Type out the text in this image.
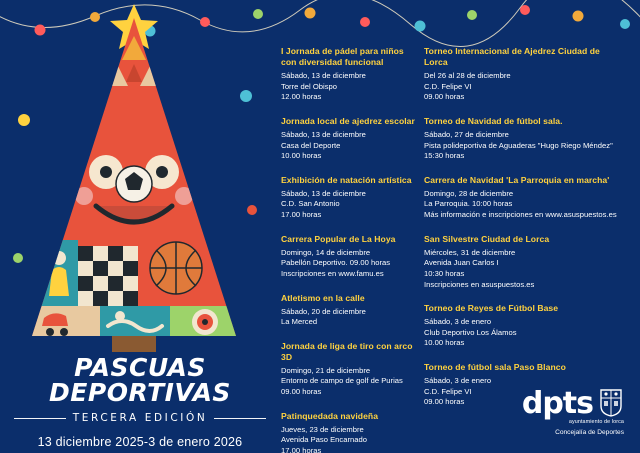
PASCUAS DEPORTIVAS
TERCERA EDICIÓN
13 diciembre 2025-3 de enero 2026

I Jornada de pádel para niños con diversidad funcional

Sábado, 13 de diciembre

Torre del Obispo

12.00 horas

Jornada local de ajedrez escolar

Sábado, 13 de diciembre

Casa del Deporte

10.00 horas

Exhibición de natación artística

Sábado, 13 de diciembre

C.D. San Antonio

17.00 horas

Carrera Popular de La Hoya

Domingo, 14 de diciembre

Pabellón Deportivo. 09.00 horas

Inscripciones en www.famu.es

Atletismo en la calle

Sábado, 20 de diciembre

La Merced

Jornada de liga de tiro con arco 3D

Domingo, 21 de diciembre

Entorno de campo de golf de Purias

09.00 horas

Patinquedada navideña

Jueves, 23 de diciembre

Avenida Paso Encarnado

17.00 horas

Torneo Internacional de Ajedrez Ciudad de Lorca

Del 26 al 28 de diciembre

C.D. Felipe VI

09.00 horas

Torneo de Navidad de fútbol sala.

Sábado, 27 de diciembre

Pista polideportiva de Aguaderas "Hugo Riego Méndez"

15:30 horas

Carrera de Navidad 'La Parroquia en marcha'

Domingo, 28 de diciembre

La Parroquia. 10:00 horas

Más información e inscripciones en www.asuspuestos.es

San Silvestre Ciudad de Lorca

Miércoles, 31 de diciembre

Avenida Juan Carlos I

10:30 horas

Inscripciones en asuspuestos.es

Torneo de Reyes de Fútbol Base

Sábado, 3 de enero

Club Deportivo Los Álamos

10.00 horas

Torneo de fútbol sala Paso Blanco

Sábado, 3 de enero

C.D. Felipe VI

09.00 horas	dpts
ayuntamiento de lorca
Concejalía de Deportes
